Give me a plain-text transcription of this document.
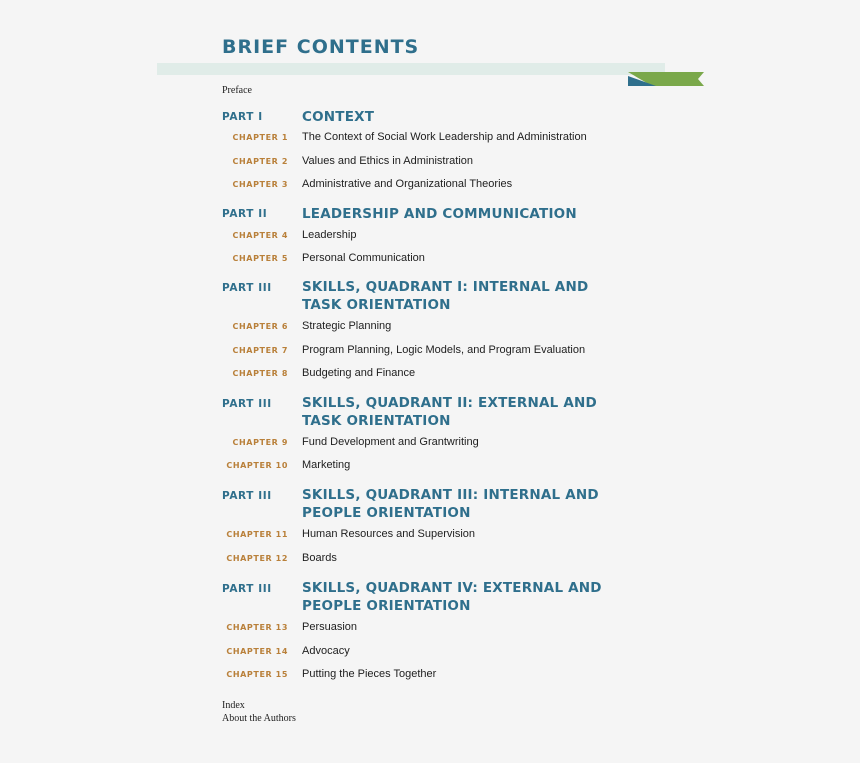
BRIEF CONTENTS
Preface
PART I	CONTEXT
CHAPTER 1 The Context of Social Work Leadership and Administration
CHAPTER 2 Values and Ethics in Administration
CHAPTER 3 Administrative and Organizational Theories
PART II	LEADERSHIP AND COMMUNICATION
CHAPTER 4 Leadership
CHAPTER 5 Personal Communication
PART III SKILLS, QUADRANT I: INTERNAL AND TASK ORIENTATION
CHAPTER 6 Strategic Planning
CHAPTER 7 Program Planning, Logic Models, and Program Evaluation
CHAPTER 8 Budgeting and Finance
PART III SKILLS, QUADRANT II: EXTERNAL AND TASK ORIENTATION
CHAPTER 9 Fund Development and Grantwriting
CHAPTER 10 Marketing
PART III SKILLS, QUADRANT III: INTERNAL AND PEOPLE ORIENTATION
CHAPTER 11 Human Resources and Supervision
CHAPTER 12 Boards
PART III SKILLS, QUADRANT IV: EXTERNAL AND PEOPLE ORIENTATION
CHAPTER 13 Persuasion
CHAPTER 14 Advocacy
CHAPTER 15 Putting the Pieces Together
Index
About the Authors
